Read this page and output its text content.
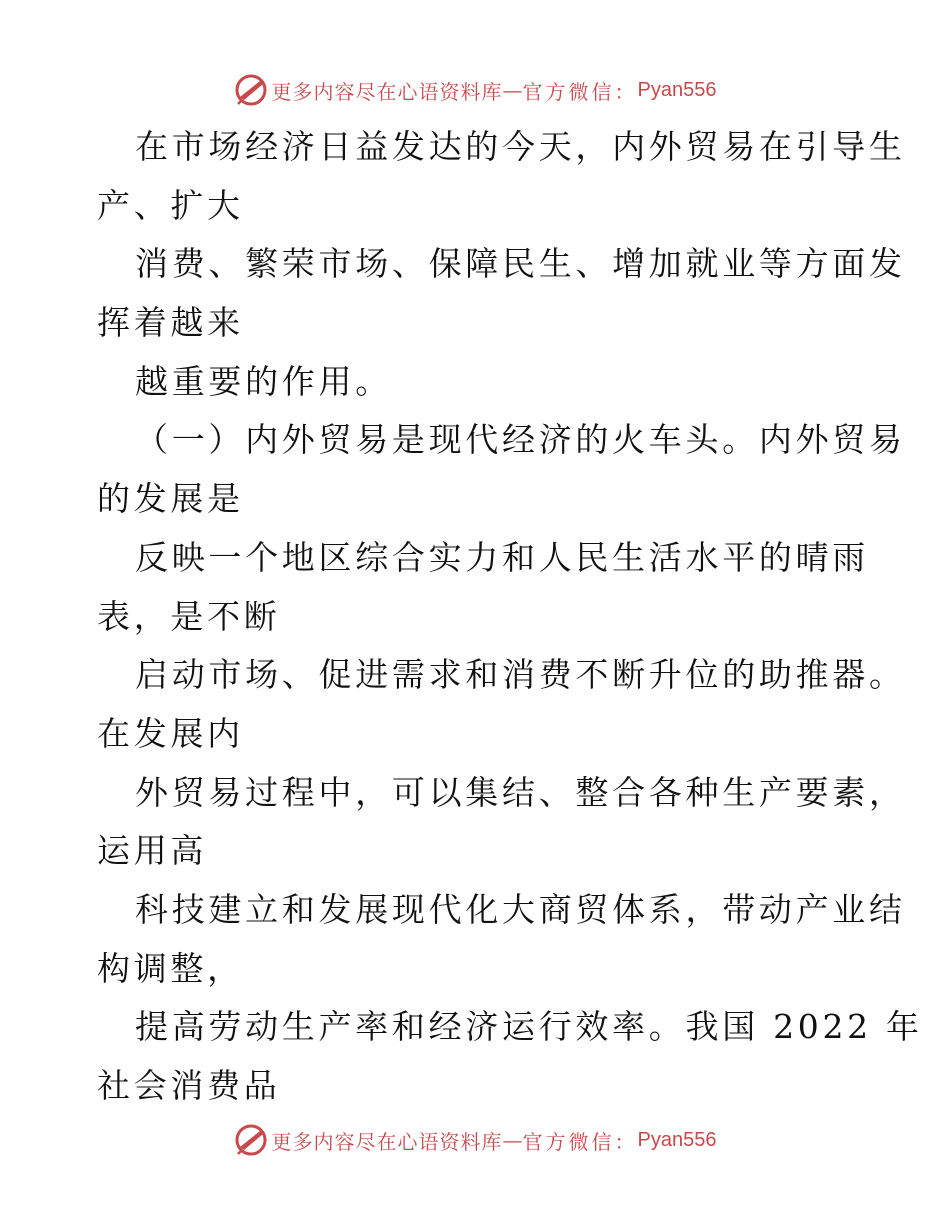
更多内容尽在心语资料库 — 官方微信： Pyan556
在市场经济日益发达的今天，内外贸易在引导生
产、扩大
消费、繁荣市场、保障民生、增加就业等方面发
挥着越来
越重要的作用。
（一）内外贸易是现代经济的火车头。内外贸易
的发展是
反映一个地区综合实力和人民生活水平的晴雨
表，是不断
启动市场、促进需求和消费不断升位的助推器。
在发展内
外贸易过程中，可以集结、整合各种生产要素，
运用高
科技建立和发展现代化大商贸体系，带动产业结
构调整，
提高劳动生产率和经济运行效率。我国 2022 年
社会消费品
更多内容尽在心语资料库 — 官方微信： Pyan556
